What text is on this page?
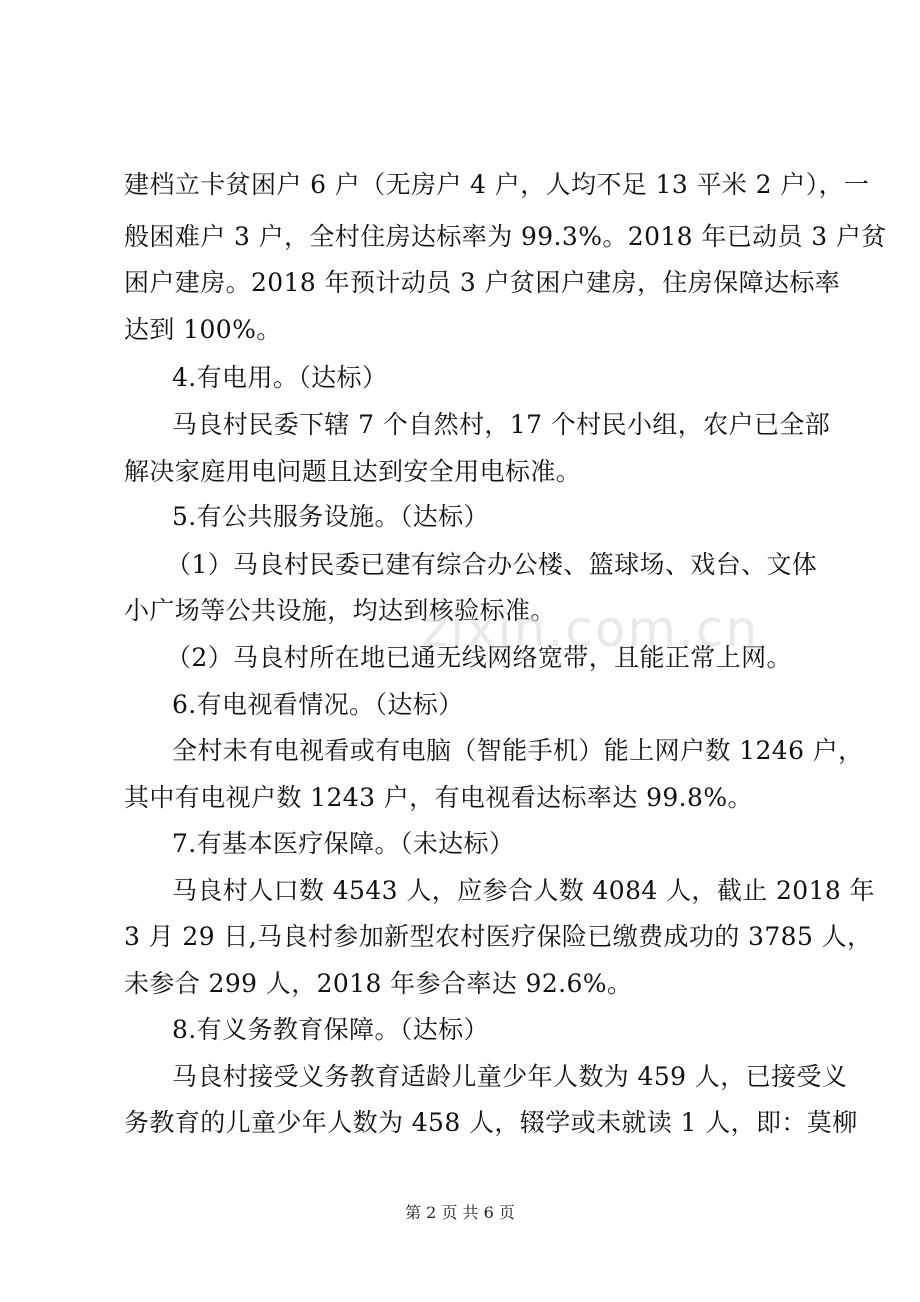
建档立卡贫困户 6 户（无房户 4 户，人均不足 13 平米 2 户），一
般困难户 3 户，全村住房达标率为 99.3%。2018 年已动员 3 户贫
困户建房。2018 年预计动员 3 户贫困户建房，住房保障达标率
达到 100%。
4.有电用。（达标）
马良村民委下辖 7 个自然村，17 个村民小组，农户已全部
解决家庭用电问题且达到安全用电标准。
5.有公共服务设施。（达标）
（1）马良村民委已建有综合办公楼、篮球场、戏台、文体
小广场等公共设施，均达到核验标准。
zixin.com.cn
（2）马良村所在地已通无线网络宽带，且能正常上网。
6.有电视看情况。（达标）
全村未有电视看或有电脑（智能手机）能上网户数 1246 户，
其中有电视户数 1243 户，有电视看达标率达 99.8%。
7.有基本医疗保障。（未达标）
马良村人口数 4543 人，应参合人数 4084 人，截止 2018 年
3 月 29 日,马良村参加新型农村医疗保险已缴费成功的 3785 人，
未参合 299 人，2018 年参合率达 92.6%。
8.有义务教育保障。（达标）
马良村接受义务教育适龄儿童少年人数为 459 人，已接受义
务教育的儿童少年人数为 458 人，辍学或未就读 1 人，即：莫柳
第 2 页 共 6 页
